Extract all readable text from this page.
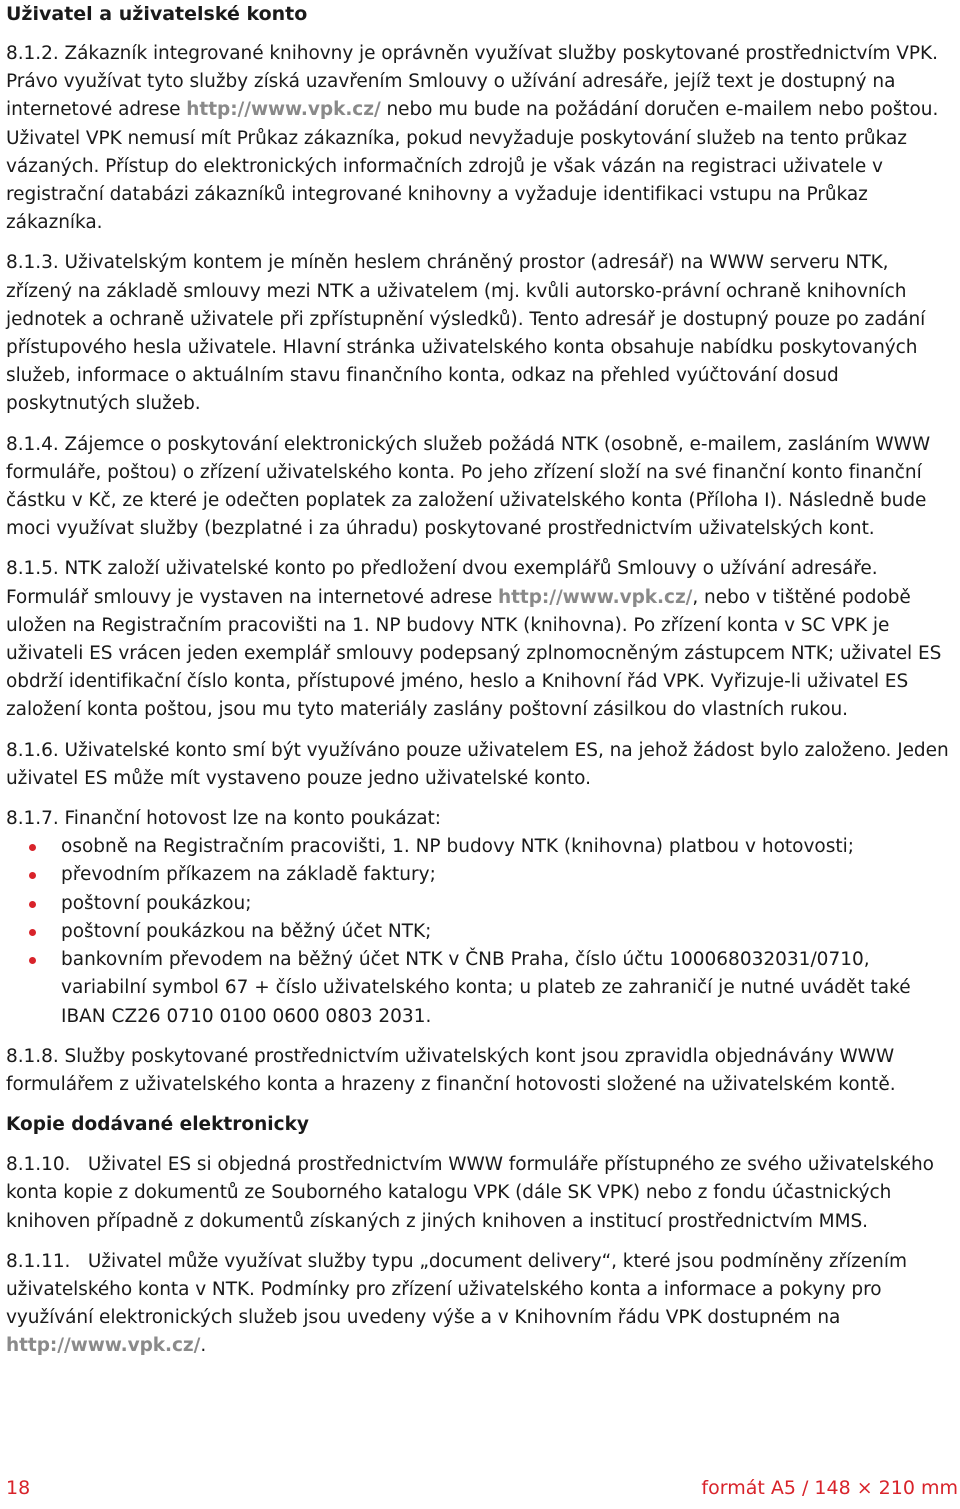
Uživatel a uživatelské konto

8.1.2. Zákazník integrované knihovny je oprávněn využívat služby poskytované prostřednictvím VPK. Právo využívat tyto služby získá uzavřením Smlouvy o užívání adresáře, jejíž text je dostupný na internetové adrese http://www.vpk.cz/ nebo mu bude na požádání doručen e-mailem nebo poštou. Uživatel VPK nemusí mít Průkaz zákazníka, pokud nevyžaduje poskytování služeb na tento průkaz vázaných. Přístup do elektronických informačních zdrojů je však vázán na registraci uživatele v registrační databázi zákazníků integrované knihovny a vyžaduje identifikaci vstupu na Průkaz zákazníka.

8.1.3. Uživatelským kontem je míněn heslem chráněný prostor (adresář) na WWW serveru NTK, zřízený na základě smlouvy mezi NTK a uživatelem (mj. kvůli autorsko-právní ochraně knihovních jednotek a ochraně uživatele při zpřístupnění výsledků). Tento adresář je dostupný pouze po zadání přístupového hesla uživatele. Hlavní stránka uživatelského konta obsahuje nabídku poskytovaných služeb, informace o aktuálním stavu finančního konta, odkaz na přehled vyúčtování dosud poskytnutých služeb.

8.1.4. Zájemce o poskytování elektronických služeb požádá NTK (osobně, e-mailem, zasláním WWW formuláře, poštou) o zřízení uživatelského konta. Po jeho zřízení složí na své finanční konto finanční částku v Kč, ze které je odečten poplatek za založení uživatelského konta (Příloha I). Následně bude moci využívat služby (bezplatné i za úhradu) poskytované prostřednictvím uživatelských kont.

8.1.5. NTK založí uživatelské konto po předložení dvou exemplářů Smlouvy o užívání adresáře. Formulář smlouvy je vystaven na internetové adrese http://www.vpk.cz/, nebo v tištěné podobě uložen na Registračním pracovišti na 1. NP budovy NTK (knihovna). Po zřízení konta v SC VPK je uživateli ES vrácen jeden exemplář smlouvy podepsaný zplnomocněným zástupcem NTK; uživatel ES obdrží identifikační číslo konta, přístupové jméno, heslo a Knihovní řád VPK. Vyřizuje-li uživatel ES založení konta poštou, jsou mu tyto materiály zaslány poštovní zásilkou do vlastních rukou.

8.1.6. Uživatelské konto smí být využíváno pouze uživatelem ES, na jehož žádost bylo založeno. Jeden uživatel ES může mít vystaveno pouze jedno uživatelské konto.

8.1.7. Finanční hotovost lze na konto poukázat:

osobně na Registračním pracovišti, 1. NP budovy NTK (knihovna) platbou v hotovosti;
převodním příkazem na základě faktury;
poštovní poukázkou;
poštovní poukázkou na běžný účet NTK;
bankovním převodem na běžný účet NTK v ČNB Praha, číslo účtu 100068032031/0710, variabilní symbol 67 + číslo uživatelského konta; u plateb ze zahraničí je nutné uvádět také IBAN CZ26 0710 0100 0600 0803 2031.

8.1.8. Služby poskytované prostřednictvím uživatelských kont jsou zpravidla objednávány WWW formulářem z uživatelského konta a hrazeny z finanční hotovosti složené na uživatelském kontě.

Kopie dodávané elektronicky

8.1.10.   Uživatel ES si objedná prostřednictvím WWW formuláře přístupného ze svého uživatelského konta kopie z dokumentů ze Souborného katalogu VPK (dále SK VPK) nebo z fondu účastnických knihoven případně z dokumentů získaných z jiných knihoven a institucí prostřednictvím MMS.

8.1.11.   Uživatel může využívat služby typu „document delivery“, které jsou podmíněny zřízením uživatelského konta v NTK. Podmínky pro zřízení uživatelského konta a informace a pokyny pro využívání elektronických služeb jsou uvedeny výše a v Knihovním řádu VPK dostupném na http://www.vpk.cz/.

18	formát A5 / 148 × 210 mm
